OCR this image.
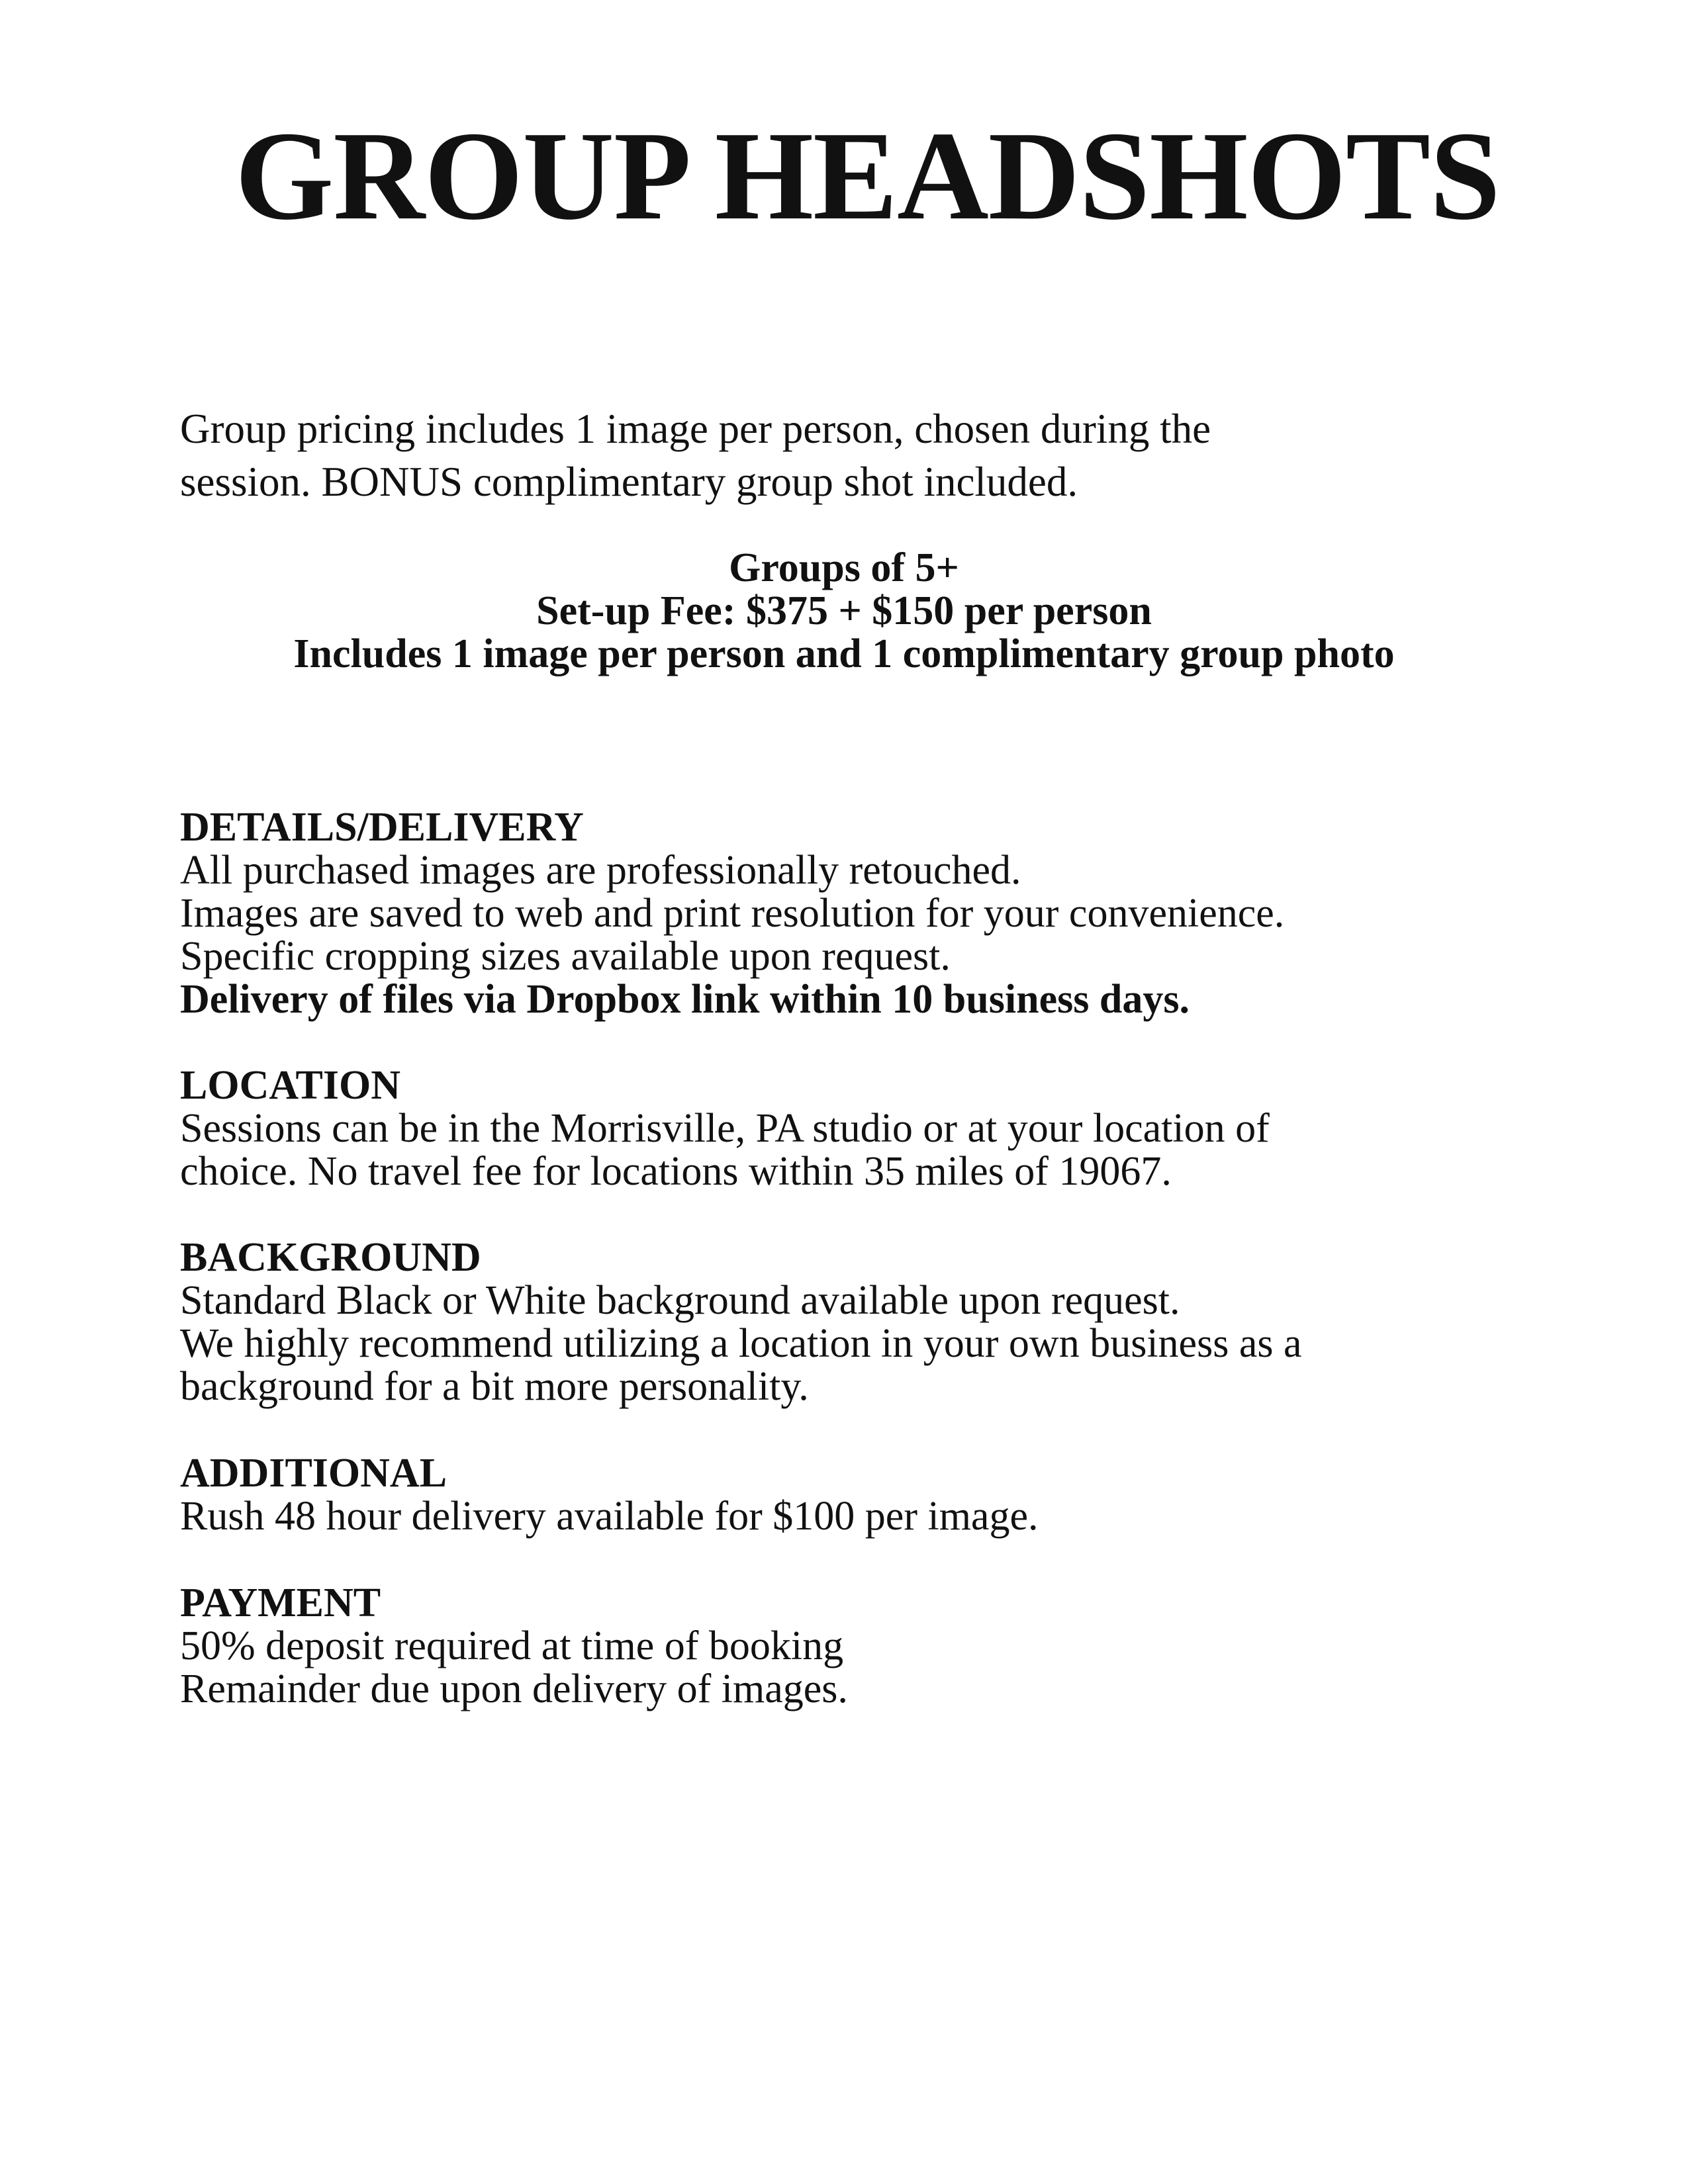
GROUP HEADSHOTS

Group pricing includes 1 image per person, chosen during the
session. BONUS complimentary group shot included.

Groups of 5+
Set-up Fee: $375 + $150 per person
Includes 1 image per person and 1 complimentary group photo
DETAILS/DELIVERY
All purchased images are professionally retouched.
Images are saved to web and print resolution for your convenience.
Specific cropping sizes available upon request.
Delivery of files via Dropbox link within 10 business days.
LOCATION
Sessions can be in the Morrisville, PA studio or at your location of
choice. No travel fee for locations within 35 miles of 19067.
BACKGROUND
Standard Black or White background available upon request.
We highly recommend utilizing a location in your own business as a
background for a bit more personality.
ADDITIONAL
Rush 48 hour delivery available for $100 per image.
PAYMENT
50% deposit required at time of booking
Remainder due upon delivery of images.
